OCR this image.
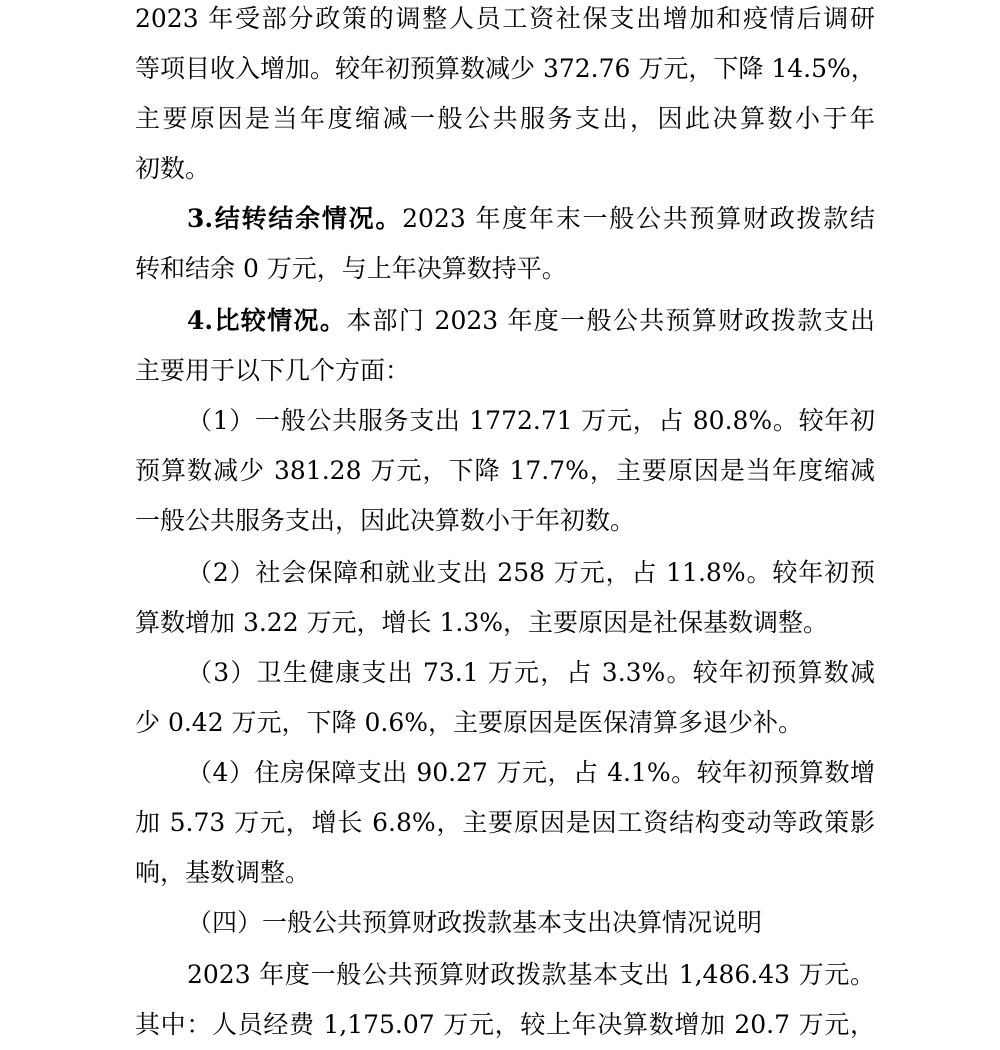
2023 年受部分政策的调整人员工资社保支出增加和疫情后调研
等项目收入增加。较年初预算数减少 372.76 万元，下降 14.5%，
主要原因是当年度缩减一般公共服务支出，因此决算数小于年
初数。
3.结转结余情况。2023 年度年末一般公共预算财政拨款结
转和结余 0 万元，与上年决算数持平。
4.比较情况。本部门 2023 年度一般公共预算财政拨款支出
主要用于以下几个方面：
（1）一般公共服务支出 1772.71 万元，占 80.8%。较年初
预算数减少 381.28 万元，下降 17.7%，主要原因是当年度缩减
一般公共服务支出，因此决算数小于年初数。
（2）社会保障和就业支出 258 万元，占 11.8%。较年初预
算数增加 3.22 万元，增长 1.3%，主要原因是社保基数调整。
（3）卫生健康支出 73.1 万元，占 3.3%。较年初预算数减
少 0.42 万元，下降 0.6%，主要原因是医保清算多退少补。
（4）住房保障支出 90.27 万元，占 4.1%。较年初预算数增
加 5.73 万元，增长 6.8%，主要原因是因工资结构变动等政策影
响，基数调整。
（四）一般公共预算财政拨款基本支出决算情况说明
2023 年度一般公共预算财政拨款基本支出 1,486.43 万元。
其中：人员经费 1,175.07 万元，较上年决算数增加 20.7 万元，
